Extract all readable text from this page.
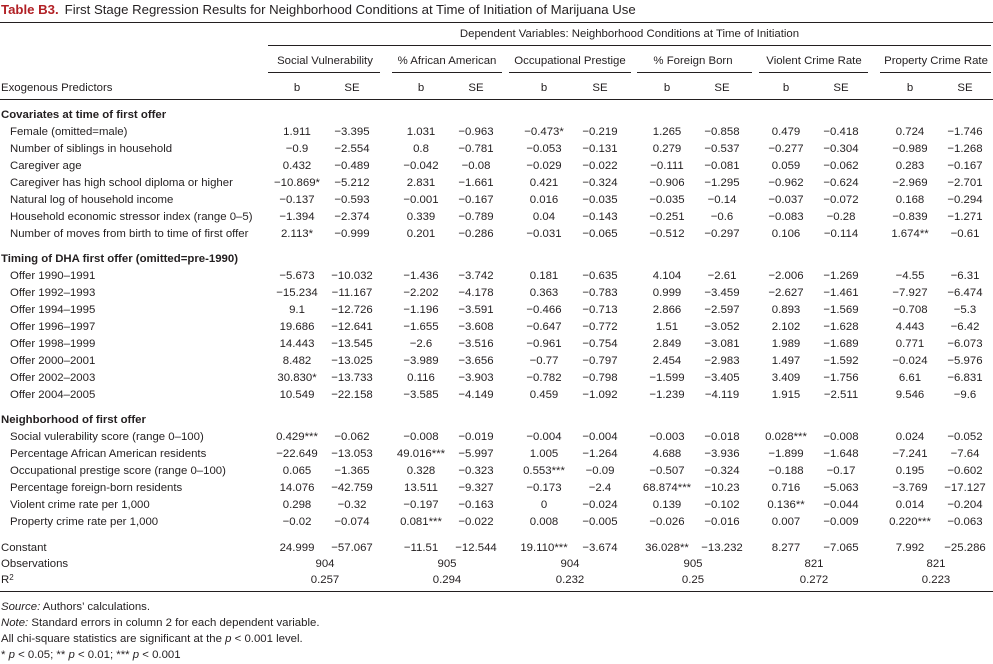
Table B3. First Stage Regression Results for Neighborhood Conditions at Time of Initiation of Marijuana Use
Dependent Variables: Neighborhood Conditions at Time of Initiation
Social Vulnerability
b	SE
% African American
b	SE
Occupational Prestige
b	SE
% Foreign Born
b	SE
Violent Crime Rate
b	SE
Property Crime Rate
b	SE
Exogenous Predictors
Covariates at time of first offer
Female (omitted=male)	1.911	−3.395	1.031	−0.963	−0.473*	−0.219	1.265	−0.858	0.479	−0.418	0.724	−1.746
Number of siblings in household	−0.9	−2.554	0.8	−0.781	−0.053	−0.131	0.279	−0.537	−0.277	−0.304	−0.989	−1.268
Caregiver age	0.432	−0.489	−0.042	−0.08	−0.029	−0.022	−0.111	−0.081	0.059	−0.062	0.283	−0.167
Caregiver has high school diploma or higher	−10.869*	−5.212	2.831	−1.661	0.421	−0.324	−0.906	−1.295	−0.962	−0.624	−2.969	−2.701
Natural log of household income	−0.137	−0.593	−0.001	−0.167	0.016	−0.035	−0.035	−0.14	−0.037	−0.072	0.168	−0.294
Household economic stressor index (range 0–5)	−1.394	−2.374	0.339	−0.789	0.04	−0.143	−0.251	−0.6	−0.083	−0.28	−0.839	−1.271
Number of moves from birth to time of first offer	2.113*	−0.999	0.201	−0.286	−0.031	−0.065	−0.512	−0.297	0.106	−0.114	1.674**	−0.61
Timing of DHA first offer (omitted=pre-1990)
Offer 1990–1991	−5.673	−10.032	−1.436	−3.742	0.181	−0.635	4.104	−2.61	−2.006	−1.269	−4.55	−6.31
Offer 1992–1993	−15.234	−11.167	−2.202	−4.178	0.363	−0.783	0.999	−3.459	−2.627	−1.461	−7.927	−6.474
Offer 1994–1995	9.1	−12.726	−1.196	−3.591	−0.466	−0.713	2.866	−2.597	0.893	−1.569	−0.708	−5.3
Offer 1996–1997	19.686	−12.641	−1.655	−3.608	−0.647	−0.772	1.51	−3.052	2.102	−1.628	4.443	−6.42
Offer 1998–1999	14.443	−13.545	−2.6	−3.516	−0.961	−0.754	2.849	−3.081	1.989	−1.689	0.771	−6.073
Offer 2000–2001	8.482	−13.025	−3.989	−3.656	−0.77	−0.797	2.454	−2.983	1.497	−1.592	−0.024	−5.976
Offer 2002–2003	30.830*	−13.733	0.116	−3.903	−0.782	−0.798	−1.599	−3.405	3.409	−1.756	6.61	−6.831
Offer 2004–2005	10.549	−22.158	−3.585	−4.149	0.459	−1.092	−1.239	−4.119	1.915	−2.511	9.546	−9.6
Neighborhood of first offer
Social vulerability score (range 0–100)	0.429***	−0.062	−0.008	−0.019	−0.004	−0.004	−0.003	−0.018	0.028***	−0.008	0.024	−0.052
Percentage African American residents	−22.649	−13.053	49.016***	−5.997	1.005	−1.264	4.688	−3.936	−1.899	−1.648	−7.241	−7.64
Occupational prestige score (range 0–100)	0.065	−1.365	0.328	−0.323	0.553***	−0.09	−0.507	−0.324	−0.188	−0.17	0.195	−0.602
Percentage foreign-born residents	14.076	−42.759	13.511	−9.327	−0.173	−2.4	68.874***	−10.23	0.716	−5.063	−3.769	−17.127
Violent crime rate per 1,000	0.298	−0.32	−0.197	−0.163	0	−0.024	0.139	−0.102	0.136**	−0.044	0.014	−0.204
Property crime rate per 1,000	−0.02	−0.074	0.081***	−0.022	0.008	−0.005	−0.026	−0.016	0.007	−0.009	0.220***	−0.063
Constant	24.999	−57.067	−11.51	−12.544	19.110***	−3.674	36.028**	−13.232	8.277	−7.065	7.992	−25.286
Observations	904	905	904	905	821	821
$R^2$	0.257	0.294	0.232	0.25	0.272	0.223
Source: Authors’ calculations.
Note: Standard errors in column 2 for each dependent variable.
All chi-square statistics are significant at the p < 0.001 level.
* p < 0.05; ** p < 0.01; *** p < 0.001
